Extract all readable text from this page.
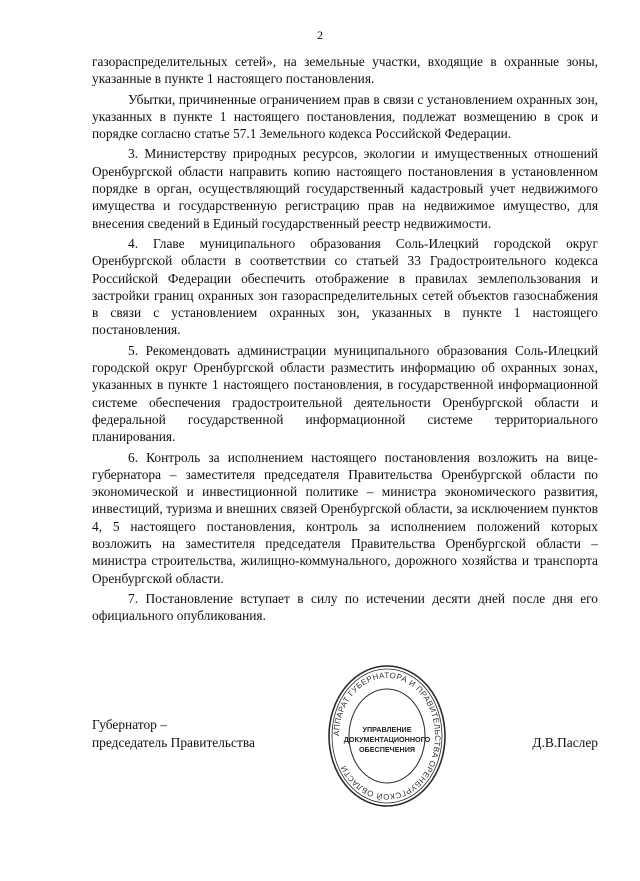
2

газораспределительных сетей», на земельные участки, входящие в охранные зоны, указанные в пункте 1 настоящего постановления.

Убытки, причиненные ограничением прав в связи с установлением охранных зон, указанных в пункте 1 настоящего постановления, подлежат возмещению в срок и порядке согласно статье 57.1 Земельного кодекса Российской Федерации.

3. Министерству природных ресурсов, экологии и имущественных отношений Оренбургской области направить копию настоящего постановления в установленном порядке в орган, осуществляющий государственный кадастровый учет недвижимого имущества и государственную регистрацию прав на недвижимое имущество, для внесения сведений в Единый государственный реестр недвижимости.

4. Главе муниципального образования Соль-Илецкий городской округ Оренбургской области в соответствии со статьей 33 Градостроительного кодекса Российской Федерации обеспечить отображение в правилах землепользования и застройки границ охранных зон газораспределительных сетей объектов газоснабжения в связи с установлением охранных зон, указанных в пункте 1 настоящего постановления.

5. Рекомендовать администрации муниципального образования Соль-Илецкий городской округ Оренбургской области разместить информацию об охранных зонах, указанных в пункте 1 настоящего постановления, в государственной информационной системе обеспечения градостроительной деятельности Оренбургской области и федеральной государственной информационной системе территориального планирования.

6. Контроль за исполнением настоящего постановления возложить на вице-губернатора – заместителя председателя Правительства Оренбургской области по экономической и инвестиционной политике – министра экономического развития, инвестиций, туризма и внешних связей Оренбургской области, за исключением пунктов 4, 5 настоящего постановления, контроль за исполнением положений которых возложить на заместителя председателя Правительства Оренбургской области – министра строительства, жилищно-коммунального, дорожного хозяйства и транспорта Оренбургской области.

7. Постановление вступает в силу по истечении десяти дней после дня его официального опубликования.

АППАРАТ ГУБЕРНАТОРА И ПРАВИТЕЛЬСТВА ОРЕНБУРГСКОЙ ОБЛАСТИ
УПРАВЛЕНИЕ
ДОКУМЕНТАЦИОННОГО
ОБЕСПЕЧЕНИЯ
Губернатор –
председатель Правительства	Д.В.Паслер
